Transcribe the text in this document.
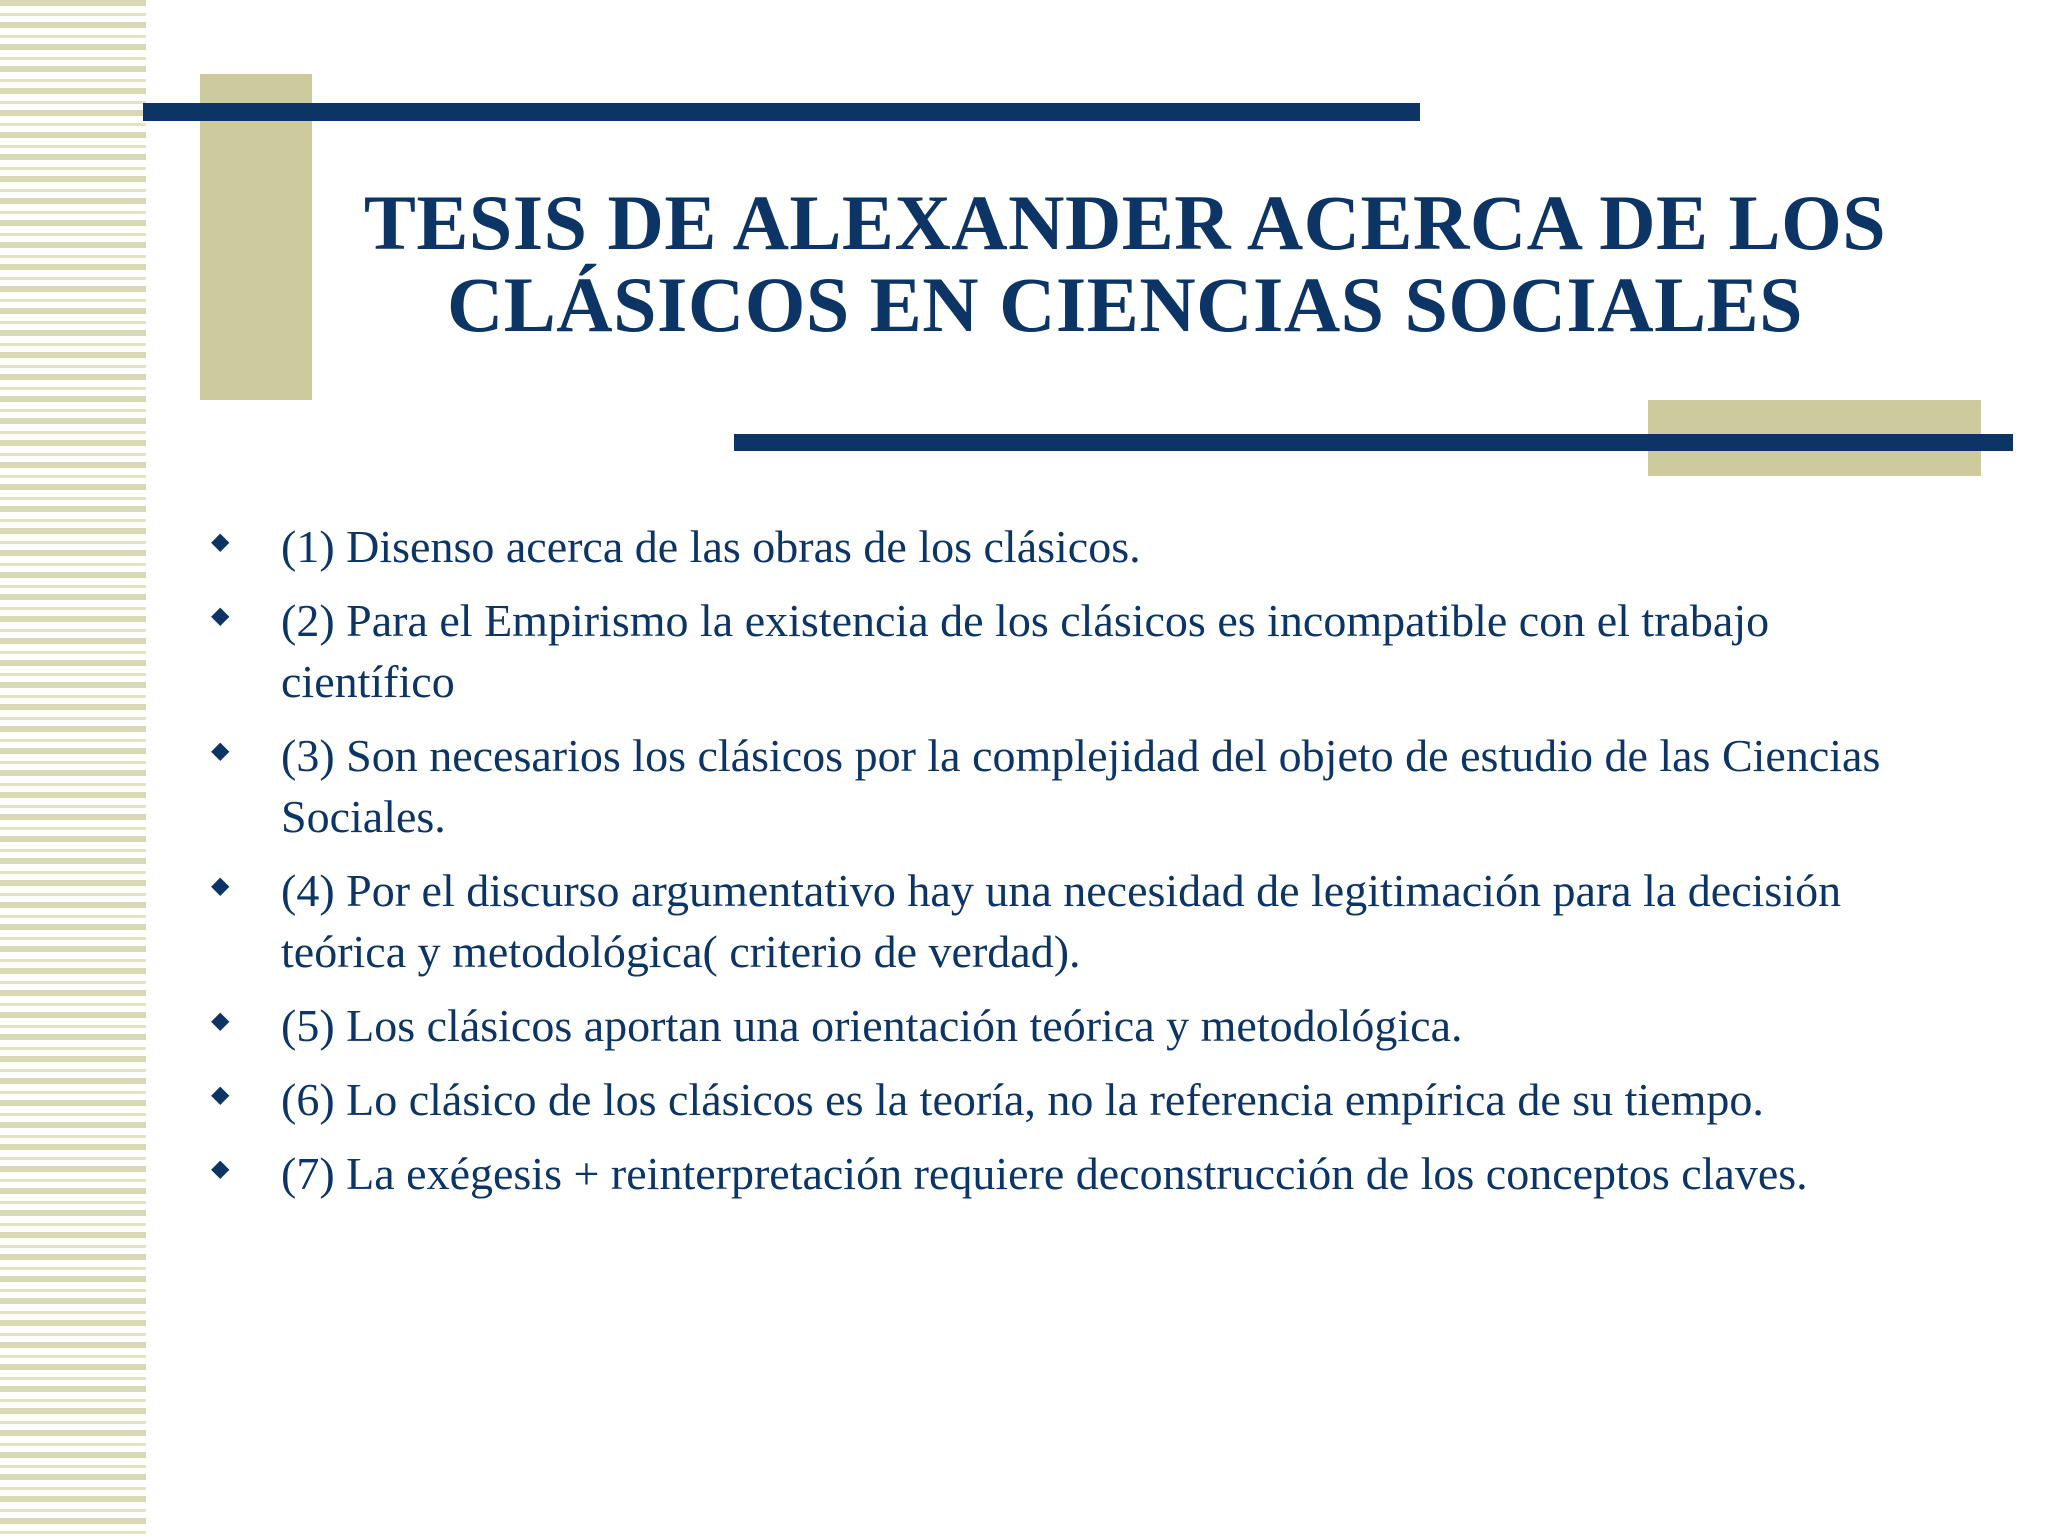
TESIS DE ALEXANDER ACERCA DE LOS
CLÁSICOS EN CIENCIAS SOCIALES
◆ (1) Disenso acerca de las obras de los clásicos.
◆ (2) Para el Empirismo la existencia de los clásicos es incompatible con el trabajo científico
◆ (3) Son necesarios los clásicos por la complejidad del objeto de estudio de las Ciencias Sociales.
◆ (4) Por el discurso argumentativo hay una necesidad de legitimación para la decisión teórica y metodológica( criterio de verdad).
◆ (5) Los clásicos aportan una orientación teórica y metodológica.
◆ (6) Lo clásico de los clásicos es la teoría, no la referencia empírica de su tiempo.
◆ (7) La exégesis + reinterpretación requiere deconstrucción de los conceptos claves.
